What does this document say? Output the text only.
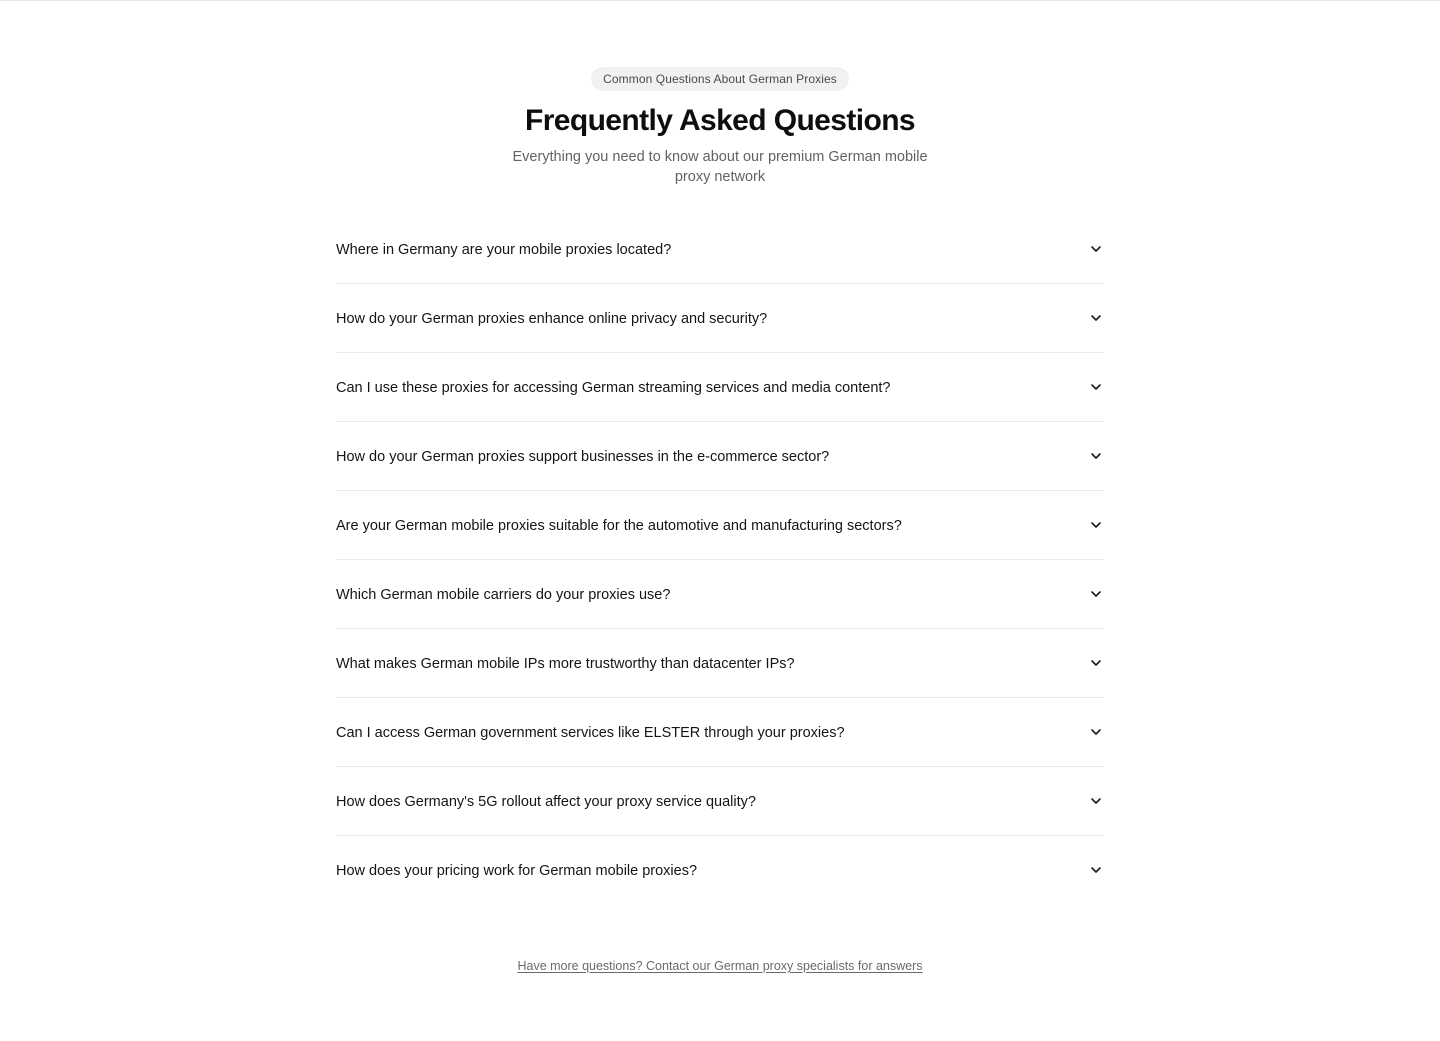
Common Questions About German Proxies
Frequently Asked Questions

Everything you need to know about our premium German mobile proxy network

Where in Germany are your mobile proxies located?
How do your German proxies enhance online privacy and security?
Can I use these proxies for accessing German streaming services and media content?
How do your German proxies support businesses in the e-commerce sector?
Are your German mobile proxies suitable for the automotive and manufacturing sectors?
Which German mobile carriers do your proxies use?
What makes German mobile IPs more trustworthy than datacenter IPs?
Can I access German government services like ELSTER through your proxies?
How does Germany's 5G rollout affect your proxy service quality?
How does your pricing work for German mobile proxies?
Have more questions? Contact our German proxy specialists for answers
